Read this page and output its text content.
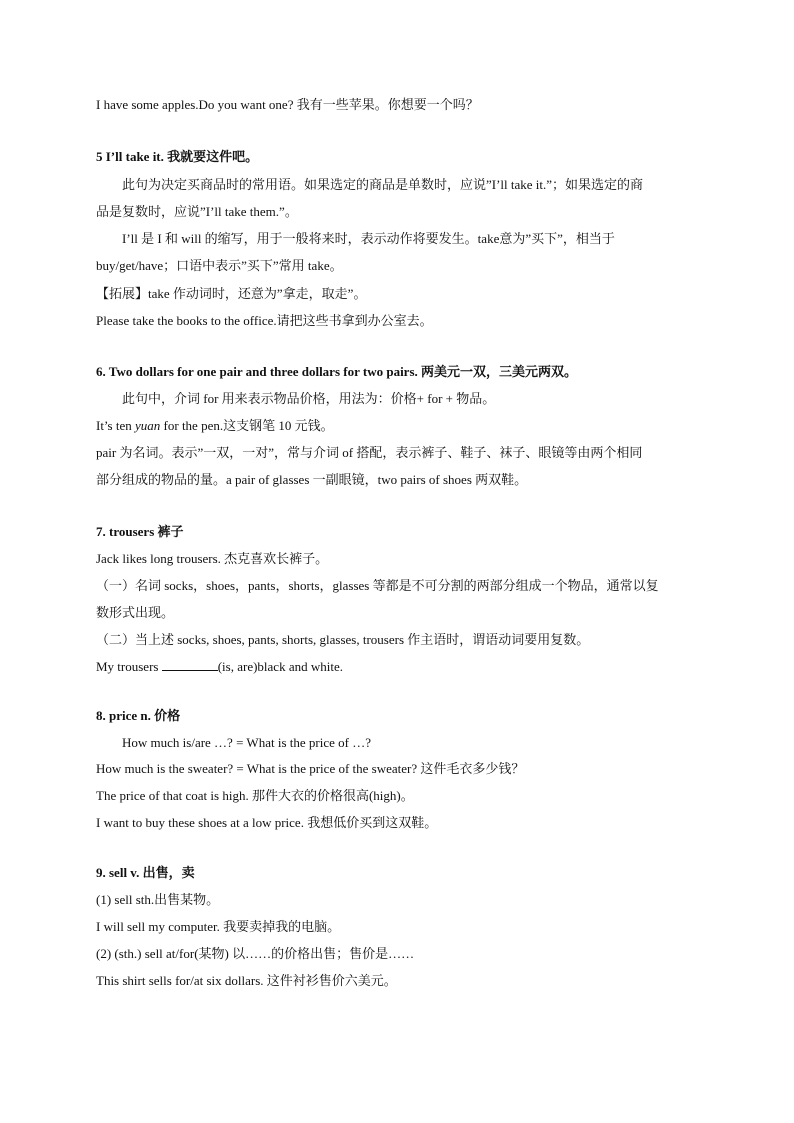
I have some apples.Do you want one? 我有一些苹果。你想要一个吗？
5 I’ll take it. 我就要这件吧。
此句为决定买商品时的常用语。如果选定的商品是单数时，应说”I’ll take it.”；如果选定的商
品是复数时，应说”I’ll take them.”。
I’ll 是 I 和 will 的缩写，用于一般将来时，表示动作将要发生。take意为”买下”，相当于
buy/get/have；口语中表示”买下”常用 take。
【拓展】take 作动词时，还意为”拿走，取走”。
Please take the books to the office.请把这些书拿到办公室去。
6. Two dollars for one pair and three dollars for two pairs. 两美元一双，三美元两双。
此句中，介词 for 用来表示物品价格，用法为：价格+ for + 物品。
It’s ten yuan for the pen.这支钢笔 10 元钱。
pair 为名词。表示”一双，一对”，常与介词 of 搭配，表示裤子、鞋子、袜子、眼镜等由两个相同
部分组成的物品的量。a pair of glasses 一副眼镜，two pairs of shoes 两双鞋。
7. trousers 裤子
Jack likes long trousers. 杰克喜欢长裤子。
（一）名词 socks，shoes，pants，shorts，glasses 等都是不可分割的两部分组成一个物品，通常以复
数形式出现。
（二）当上述 socks, shoes, pants, shorts, glasses, trousers 作主语时，谓语动词要用复数。
My trousers	(is, are)black and white.
8. price n. 价格
How much is/are …? = What is the price of …?
How much is the sweater? = What is the price of the sweater? 这件毛衣多少钱？
The price of that coat is high. 那件大衣的价格很高(high)。
I want to buy these shoes at a low price. 我想低价买到这双鞋。
9. sell v. 出售，卖
(1) sell sth.出售某物。
I will sell my computer. 我要卖掉我的电脑。
(2) (sth.) sell at/for(某物) 以……的价格出售；售价是……
This shirt sells for/at six dollars. 这件衬衫售价六美元。
